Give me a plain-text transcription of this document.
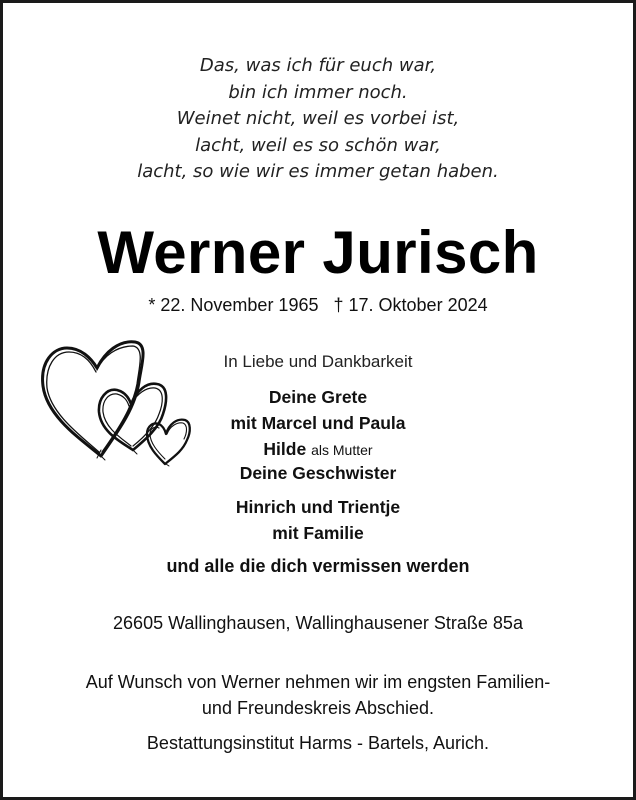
Das, was ich für euch war,
bin ich immer noch.
Weinet nicht, weil es vorbei ist,
lacht, weil es so schön war,
lacht, so wie wir es immer getan haben.
Werner Jurisch
* 22. November 1965 † 17. Oktober 2024
In Liebe und Dankbarkeit
Deine Grete
mit Marcel und Paula
Hilde als Mutter
Deine Geschwister
Hinrich und Trientje
mit Familie
und alle die dich vermissen werden
26605 Wallinghausen, Wallinghausener Straße 85a
Auf Wunsch von Werner nehmen wir im engsten Familien-
und Freundeskreis Abschied.
Bestattungsinstitut Harms - Bartels, Aurich.
